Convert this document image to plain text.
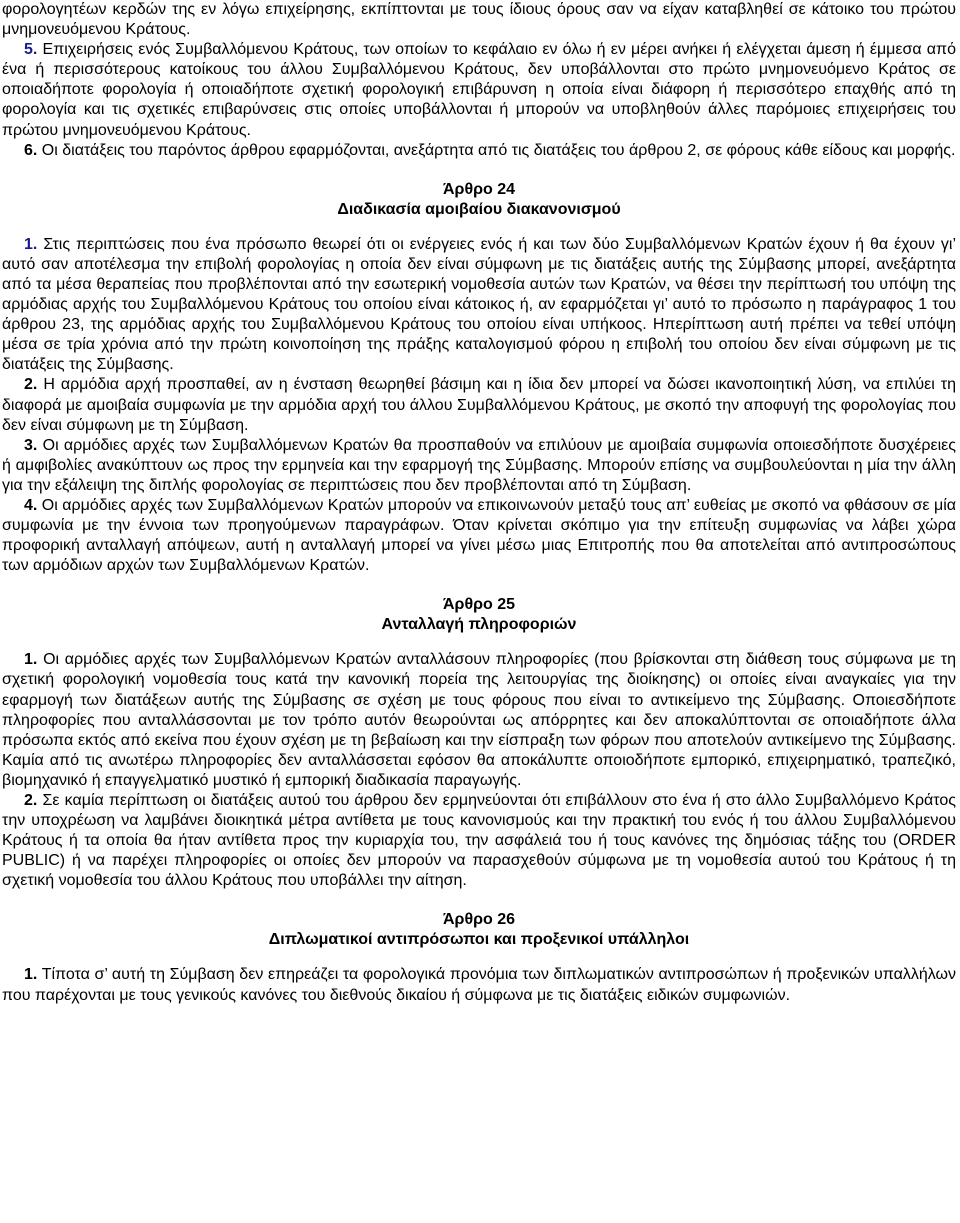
φορολογητέων κερδών της εν λόγω επιχείρησης, εκπίπτονται με τους ίδιους όρους σαν να είχαν καταβληθεί σε κάτοικο του πρώτου μνημονευόμενου Κράτους.

5. Επιχειρήσεις ενός Συμβαλλόμενου Κράτους, των οποίων το κεφάλαιο εν όλω ή εν μέρει ανήκει ή ελέγχεται άμεση ή έμμεσα από ένα ή περισσότερους κατοίκους του άλλου Συμβαλλόμενου Κράτους, δεν υποβάλλονται στο πρώτο μνημονευόμενο Κράτος σε οποιαδήποτε φορολογία ή οποιαδήποτε σχετική φορολογική επιβάρυνση η οποία είναι διάφορη ή περισσότερο επαχθής από τη φορολογία και τις σχετικές επιβαρύνσεις στις οποίες υποβάλλονται ή μπορούν να υποβληθούν άλλες παρόμοιες επιχειρήσεις του πρώτου μνημονευόμενου Κράτους.

6. Οι διατάξεις του παρόντος άρθρου εφαρμόζονται, ανεξάρτητα από τις διατάξεις του άρθρου 2, σε φόρους κάθε είδους και μορφής.

Άρθρο 24

Διαδικασία αμοιβαίου διακανονισμού

1. Στις περιπτώσεις που ένα πρόσωπο θεωρεί ότι οι ενέργειες ενός ή και των δύο Συμβαλλόμενων Κρατών έχουν ή θα έχουν γι’ αυτό σαν αποτέλεσμα την επιβολή φορολογίας η οποία δεν είναι σύμφωνη με τις διατάξεις αυτής της Σύμβασης μπορεί, ανεξάρτητα από τα μέσα θεραπείας που προβλέπονται από την εσωτερική νομοθεσία αυτών των Κρατών, να θέσει την περίπτωσή του υπόψη της αρμόδιας αρχής του Συμβαλλόμενου Κράτους του οποίου είναι κάτοικος ή, αν εφαρμόζεται γι’ αυτό το πρόσωπο η παράγραφος 1 του άρθρου 23, της αρμόδιας αρχής του Συμβαλλόμενου Κράτους του οποίου είναι υπήκοος. Ηπερίπτωση αυτή πρέπει να τεθεί υπόψη μέσα σε τρία χρόνια από την πρώτη κοινοποίηση της πράξης καταλογισμού φόρου η επιβολή του οποίου δεν είναι σύμφωνη με τις διατάξεις της Σύμβασης.

2. Η αρμόδια αρχή προσπαθεί, αν η ένσταση θεωρηθεί βάσιμη και η ίδια δεν μπορεί να δώσει ικανοποιητική λύση, να επιλύει τη διαφορά με αμοιβαία συμφωνία με την αρμόδια αρχή του άλλου Συμβαλλόμενου Κράτους, με σκοπό την αποφυγή της φορολογίας που δεν είναι σύμφωνη με τη Σύμβαση.

3. Οι αρμόδιες αρχές των Συμβαλλόμενων Κρατών θα προσπαθούν να επιλύουν με αμοιβαία συμφωνία οποιεσδήποτε δυσχέρειες ή αμφιβολίες ανακύπτουν ως προς την ερμηνεία και την εφαρμογή της Σύμβασης. Μπορούν επίσης να συμβουλεύονται η μία την άλλη για την εξάλειψη της διπλής φορολογίας σε περιπτώσεις που δεν προβλέπονται από τη Σύμβαση.

4. Οι αρμόδιες αρχές των Συμβαλλόμενων Κρατών μπορούν να επικοινωνούν μεταξύ τους απ’ ευθείας με σκοπό να φθάσουν σε μία συμφωνία με την έννοια των προηγούμενων παραγράφων. Όταν κρίνεται σκόπιμο για την επίτευξη συμφωνίας να λάβει χώρα προφορική ανταλλαγή απόψεων, αυτή η ανταλλαγή μπορεί να γίνει μέσω μιας Επιτροπής που θα αποτελείται από αντιπροσώπους των αρμόδιων αρχών των Συμβαλλόμενων Κρατών.

Άρθρο 25

Ανταλλαγή πληροφοριών

1. Οι αρμόδιες αρχές των Συμβαλλόμενων Κρατών ανταλλάσουν πληροφορίες (που βρίσκονται στη διάθεση τους σύμφωνα με τη σχετική φορολογική νομοθεσία τους κατά την κανονική πορεία της λειτουργίας της διοίκησης) οι οποίες είναι αναγκαίες για την εφαρμογή των διατάξεων αυτής της Σύμβασης σε σχέση με τους φόρους που είναι το αντικείμενο της Σύμβασης. Οποιεσδήποτε πληροφορίες που ανταλλάσσονται με τον τρόπο αυτόν θεωρούνται ως απόρρητες και δεν αποκαλύπτονται σε οποιαδήποτε άλλα πρόσωπα εκτός από εκείνα που έχουν σχέση με τη βεβαίωση και την είσπραξη των φόρων που αποτελούν αντικείμενο της Σύμβασης. Καμία από τις ανωτέρω πληροφορίες δεν ανταλλάσσεται εφόσον θα αποκάλυπτε οποιοδήποτε εμπορικό, επιχειρηματικό, τραπεζικό, βιομηχανικό ή επαγγελματικό μυστικό ή εμπορική διαδικασία παραγωγής.

2. Σε καμία περίπτωση οι διατάξεις αυτού του άρθρου δεν ερμηνεύονται ότι επιβάλλουν στο ένα ή στο άλλο Συμβαλλόμενο Κράτος την υποχρέωση να λαμβάνει διοικητικά μέτρα αντίθετα με τους κανονισμούς και την πρακτική του ενός ή του άλλου Συμβαλλόμενου Κράτους ή τα οποία θα ήταν αντίθετα προς την κυριαρχία του, την ασφάλειά του ή τους κανόνες της δημόσιας τάξης του (ORDER PUBLIC) ή να παρέχει πληροφορίες οι οποίες δεν μπορούν να παρασχεθούν σύμφωνα με τη νομοθεσία αυτού του Κράτους ή τη σχετική νομοθεσία του άλλου Κράτους που υποβάλλει την αίτηση.

Άρθρο 26

Διπλωματικοί αντιπρόσωποι και προξενικοί υπάλληλοι

1. Τίποτα σ’ αυτή τη Σύμβαση δεν επηρεάζει τα φορολογικά προνόμια των διπλωματικών αντιπροσώπων ή προξενικών υπαλλήλων που παρέχονται με τους γενικούς κανόνες του διεθνούς δικαίου ή σύμφωνα με τις διατάξεις ειδικών συμφωνιών.
